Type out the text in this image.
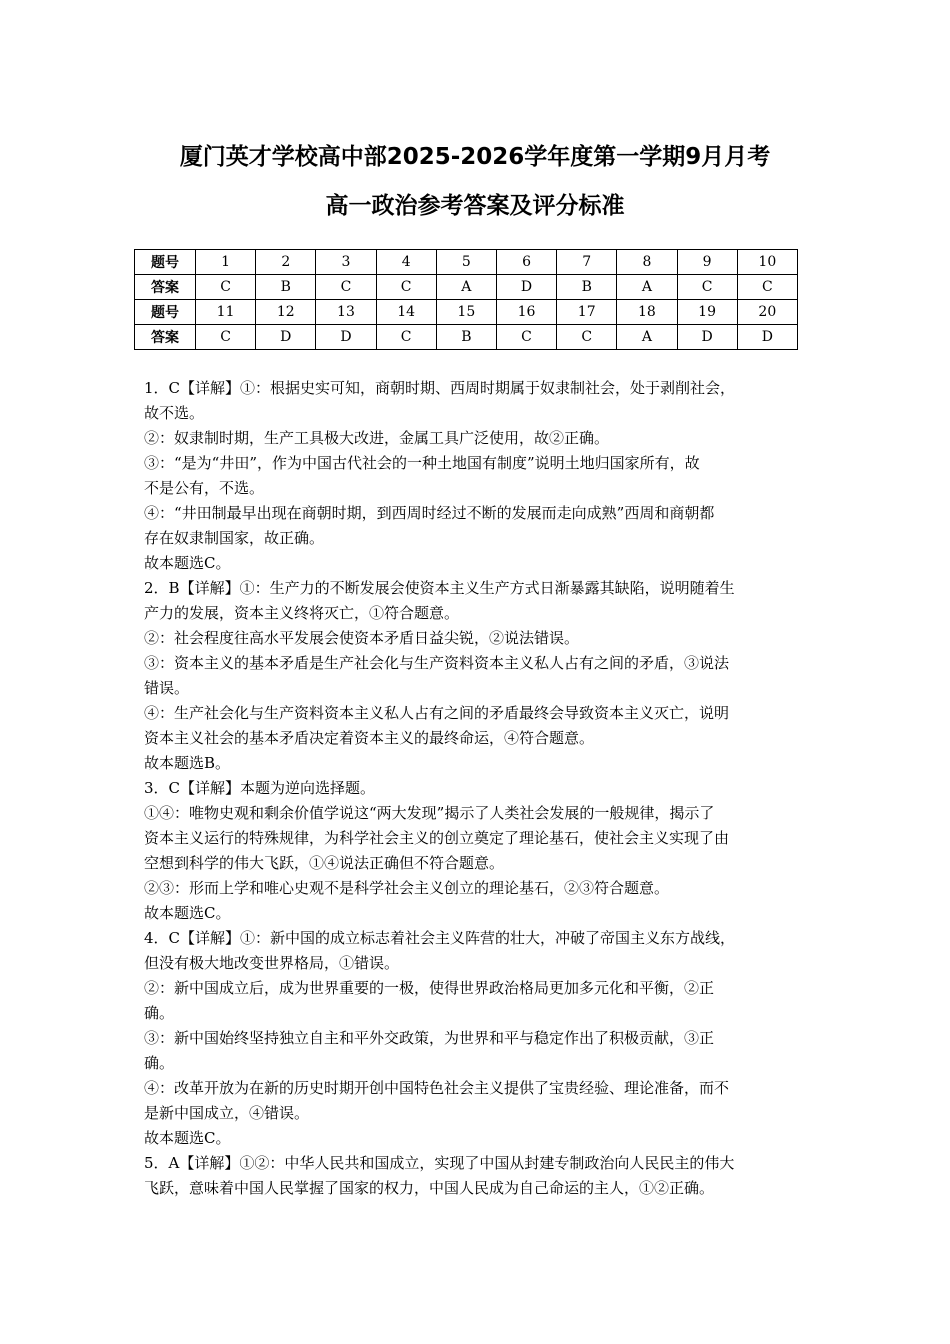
厦门英才学校高中部2025-2026学年度第一学期9月月考
高一政治参考答案及评分标准
题号	1	2	3	4	5	6	7	8	9	10
答案	C	B	C	C	A	D	B	A	C	C
题号	11	12	13	14	15	16	17	18	19	20
答案	C	D	D	C	B	C	C	A	D	D

1．C【详解】①：根据史实可知，商朝时期、西周时期属于奴隶制社会，处于剥削社会，

故不选。

②：奴隶制时期，生产工具极大改进，金属工具广泛使用，故②正确。

③：“是为“井田”，作为中国古代社会的一种土地国有制度”说明土地归国家所有，故

不是公有，不选。

④：“井田制最早出现在商朝时期，到西周时经过不断的发展而走向成熟”西周和商朝都

存在奴隶制国家，故正确。

故本题选C。

2．B【详解】①：生产力的不断发展会使资本主义生产方式日渐暴露其缺陷，说明随着生

产力的发展，资本主义终将灭亡，①符合题意。

②：社会程度往高水平发展会使资本矛盾日益尖锐，②说法错误。

③：资本主义的基本矛盾是生产社会化与生产资料资本主义私人占有之间的矛盾，③说法

错误。

④：生产社会化与生产资料资本主义私人占有之间的矛盾最终会导致资本主义灭亡，说明

资本主义社会的基本矛盾决定着资本主义的最终命运，④符合题意。

故本题选B。

3．C【详解】本题为逆向选择题。

①④：唯物史观和剩余价值学说这“两大发现”揭示了人类社会发展的一般规律，揭示了

资本主义运行的特殊规律，为科学社会主义的创立奠定了理论基石，使社会主义实现了由

空想到科学的伟大飞跃，①④说法正确但不符合题意。

②③：形而上学和唯心史观不是科学社会主义创立的理论基石，②③符合题意。

故本题选C。

4．C【详解】①：新中国的成立标志着社会主义阵营的壮大，冲破了帝国主义东方战线，

但没有极大地改变世界格局，①错误。

②：新中国成立后，成为世界重要的一极，使得世界政治格局更加多元化和平衡，②正

确。

③：新中国始终坚持独立自主和平外交政策，为世界和平与稳定作出了积极贡献，③正

确。

④：改革开放为在新的历史时期开创中国特色社会主义提供了宝贵经验、理论准备，而不

是新中国成立，④错误。

故本题选C。

5．A【详解】①②：中华人民共和国成立，实现了中国从封建专制政治向人民民主的伟大

飞跃，意味着中国人民掌握了国家的权力，中国人民成为自己命运的主人，①②正确。
